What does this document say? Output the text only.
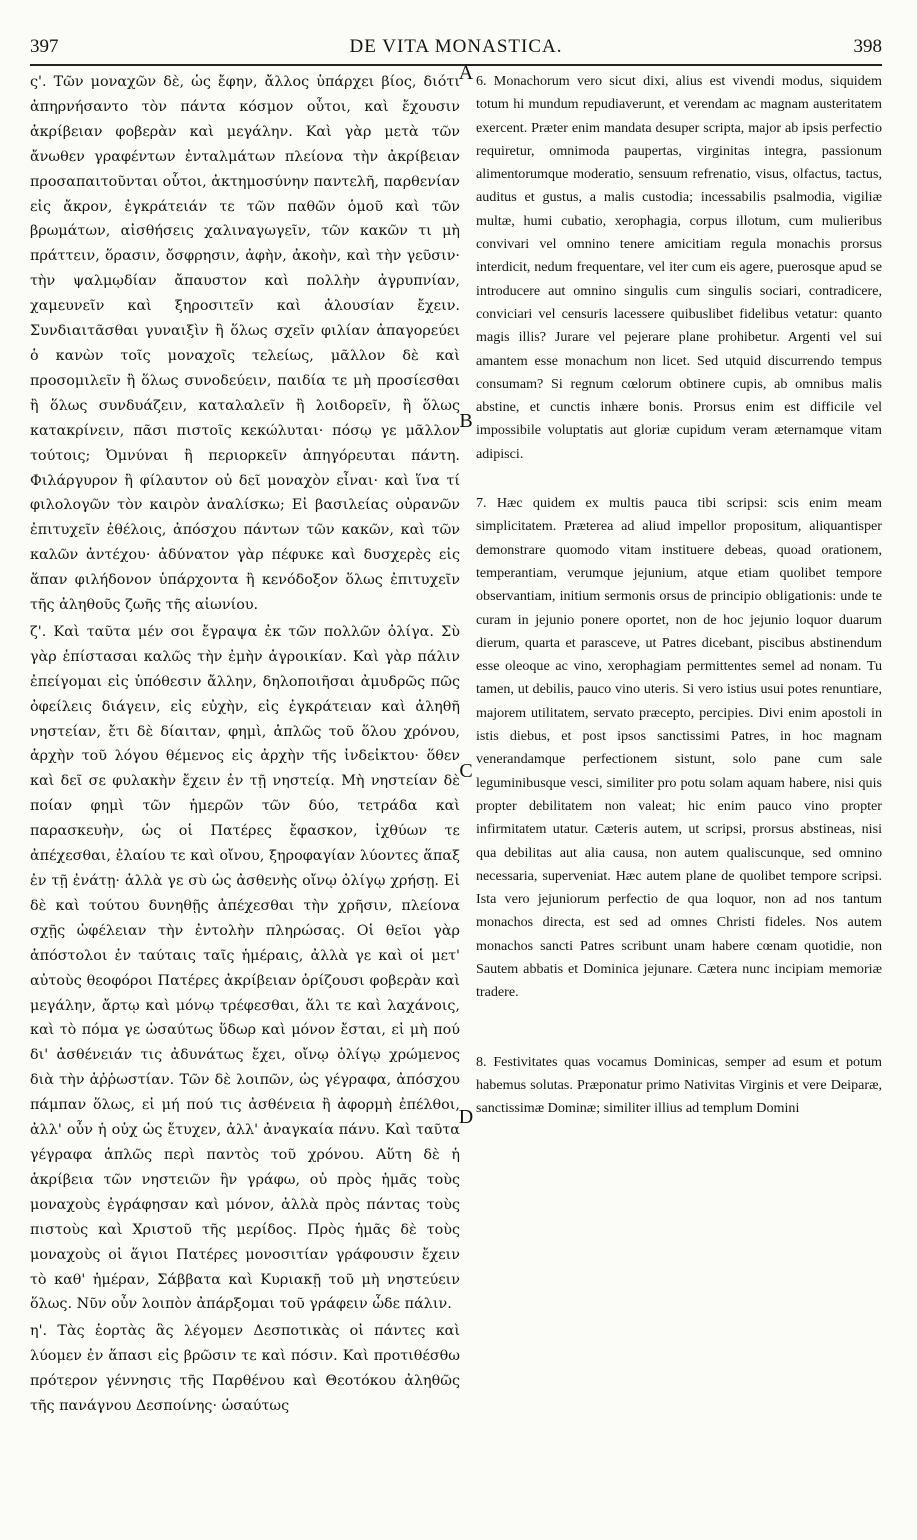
397	DE VITA MONASTICA.	398

ς'. Τῶν μοναχῶν δὲ, ὡς ἔφην, ἄλλος ὑπάρχει βίος, διότι ἀπηρνήσαντο τὸν πάντα κόσμον οὗτοι, καὶ ἔχουσιν ἀκρίβειαν φοβερὰν καὶ μεγάλην. Καὶ γὰρ μετὰ τῶν ἄνωθεν γραφέντων ἐνταλμάτων πλείονα τὴν ἀκρίβειαν προσαπαιτοῦνται οὗτοι, ἀκτημοσύνην παντελῆ, παρθενίαν εἰς ἄκρον, ἐγκράτειάν τε τῶν παθῶν ὁμοῦ καὶ τῶν βρωμάτων, αἰσθήσεις χαλιναγωγεῖν, τῶν κακῶν τι μὴ πράττειν, ὅρασιν, ὄσφρησιν, ἀφὴν, ἀκοὴν, καὶ τὴν γεῦσιν· τὴν ψαλμῳδίαν ἄπαυστον καὶ πολλὴν ἀγρυπνίαν, χαμευνεῖν καὶ ξηροσιτεῖν καὶ ἀλουσίαν ἔχειν. Συνδιαιτᾶσθαι γυναιξὶν ἢ ὅλως σχεῖν φιλίαν ἀπαγορεύει ὁ κανὼν τοῖς μοναχοῖς τελείως, μᾶλλον δὲ καὶ προσομιλεῖν ἢ ὅλως συνοδεύειν, παιδία τε μὴ προσίεσθαι ἢ ὅλως συνδυάζειν, καταλαλεῖν ἢ λοιδορεῖν, ἢ ὅλως κατακρίνειν, πᾶσι πιστοῖς κεκώλυται· πόσῳ γε μᾶλλον τούτοις; Ὀμνύναι ἢ περιορκεῖν ἀπηγόρευται πάντη. Φιλάργυρον ἢ φίλαυτον οὐ δεῖ μοναχὸν εἶναι· καὶ ἵνα τί φιλολογῶν τὸν καιρὸν ἀναλίσκω; Εἰ βασιλείας οὐρανῶν ἐπιτυχεῖν ἐθέλοις, ἀπόσχου πάντων τῶν κακῶν, καὶ τῶν καλῶν ἀντέχου· ἀδύνατον γὰρ πέφυκε καὶ δυσχερὲς εἰς ἅπαν φιλήδονον ὑπάρχοντα ἢ κενόδοξον ὅλως ἐπιτυχεῖν τῆς ἀληθοῦς ζωῆς τῆς αἰωνίου.

ζ'. Καὶ ταῦτα μέν σοι ἔγραψα ἐκ τῶν πολλῶν ὀλίγα. Σὺ γὰρ ἐπίστασαι καλῶς τὴν ἐμὴν ἀγροικίαν. Καὶ γὰρ πάλιν ἐπείγομαι εἰς ὑπόθεσιν ἄλλην, δηλοποιῆσαι ἀμυδρῶς πῶς ὀφείλεις διάγειν, εἰς εὐχὴν, εἰς ἐγκράτειαν καὶ ἀληθῆ νηστείαν, ἔτι δὲ δίαιταν, φημὶ, ἁπλῶς τοῦ ὅλου χρόνου, ἀρχὴν τοῦ λόγου θέμενος εἰς ἀρχὴν τῆς ἰνδεἰκτου· ὅθεν καὶ δεῖ σε φυλακὴν ἔχειν ἐν τῇ νηστείᾳ. Μὴ νηστείαν δὲ ποίαν φημὶ τῶν ἡμερῶν τῶν δύο, τετράδα καὶ παρασκευὴν, ὡς οἱ Πατέρες ἔφασκον, ἰχθύων τε ἀπέχεσθαι, ἐλαίου τε καὶ οἴνου, ξηροφαγίαν λύοντες ἅπαξ ἐν τῇ ἐνάτῃ· ἀλλὰ γε σὺ ὡς ἀσθενὴς οἴνῳ ὀλίγῳ χρήσῃ. Εἰ δὲ καὶ τούτου δυνηθῇς ἀπέχεσθαι τὴν χρῆσιν, πλείονα σχῇς ὠφέλειαν τὴν ἐντολὴν πληρώσας. Οἱ θεῖοι γὰρ ἀπόστολοι ἐν ταύταις ταῖς ἡμέραις, ἀλλὰ γε καὶ οἱ μετ' αὐτοὺς θεοφόροι Πατέρες ἀκρίβειαν ὁρίζουσι φοβερὰν καὶ μεγάλην, ἄρτῳ καὶ μόνῳ τρέφεσθαι, ἅλι τε καὶ λαχάνοις, καὶ τὸ πόμα γε ὡσαύτως ὕδωρ καὶ μόνον ἔσται, εἰ μὴ πού δι' ἀσθένειάν τις ἀδυνάτως ἔχει, οἴνῳ ὀλίγῳ χρώμενος διὰ τὴν ἀῤῥωστίαν. Τῶν δὲ λοιπῶν, ὡς γέγραφα, ἀπόσχου πάμπαν ὅλως, εἰ μή πού τις ἀσθένεια ἢ ἀφορμὴ ἐπέλθοι, ἀλλ' οὖν ἡ οὐχ ὡς ἔτυχεν, ἀλλ' ἀναγκαία πάνυ. Καὶ ταῦτα γέγραφα ἁπλῶς περὶ παντὸς τοῦ χρόνου. Αὕτη δὲ ἡ ἀκρίβεια τῶν νηστειῶν ἣν γράφω, οὐ πρὸς ἡμᾶς τοὺς μοναχοὺς ἐγράφησαν καὶ μόνον, ἀλλὰ πρὸς πάντας τοὺς πιστοὺς καὶ Χριστοῦ τῆς μερίδος. Πρὸς ἡμᾶς δὲ τοὺς μοναχοὺς οἱ ἅγιοι Πατέρες μονοσιτίαν γράφουσιν ἔχειν τὸ καθ' ἡμέραν, Σάββατα καὶ Κυριακῇ τοῦ μὴ νηστεύειν ὅλως. Νῦν οὖν λοιπὸν ἀπάρξομαι τοῦ γράφειν ὧδε πάλιν.

η'. Τὰς ἑορτὰς ἃς λέγομεν Δεσποτικὰς οἱ πάντες καὶ λύομεν ἐν ἅπασι εἰς βρῶσιν τε καὶ πόσιν. Καὶ προτιθέσθω πρότερον γέννησις τῆς Παρθένου καὶ Θεοτόκου ἀληθῶς τῆς πανάγνου Δεσποίνης· ὡσαύτως

A
B
C
D

6. Monachorum vero sicut dixi, alius est vivendi modus, siquidem totum hi mundum repudiaverunt, et verendam ac magnam austeritatem exercent. Præter enim mandata desuper scripta, major ab ipsis perfectio requiretur, omnimoda paupertas, virginitas integra, passionum alimentorumque moderatio, sensuum refrenatio, visus, olfactus, tactus, auditus et gustus, a malis custodia; incessabilis psalmodia, vigiliæ multæ, humi cubatio, xerophagia, corpus illotum, cum mulieribus convivari vel omnino tenere amicitiam regula monachis prorsus interdicit, nedum frequentare, vel iter cum eis agere, puerosque apud se introducere aut omnino singulis cum singulis sociari, contradicere, conviciari vel censuris lacessere quibuslibet fidelibus vetatur: quanto magis illis? Jurare vel pejerare plane prohibetur. Argenti vel sui amantem esse monachum non licet. Sed utquid discurrendo tempus consumam? Si regnum cœlorum obtinere cupis, ab omnibus malis abstine, et cunctis inhære bonis. Prorsus enim est difficile vel impossibile voluptatis aut gloriæ cupidum veram æternamque vitam adipisci.

7. Hæc quidem ex multis pauca tibi scripsi: scis enim meam simplicitatem. Præterea ad aliud impellor propositum, aliquantisper demonstrare quomodo vitam instituere debeas, quoad orationem, temperantiam, verumque jejunium, atque etiam quolibet tempore observantiam, initium sermonis orsus de principio obligationis: unde te curam in jejunio ponere oportet, non de hoc jejunio loquor duarum dierum, quarta et parasceve, ut Patres dicebant, piscibus abstinendum esse oleoque ac vino, xerophagiam permittentes semel ad nonam. Tu tamen, ut debilis, pauco vino uteris. Si vero istius usui potes renuntiare, majorem utilitatem, servato præcepto, percipies. Divi enim apostoli in istis diebus, et post ipsos sanctissimi Patres, in hoc magnam venerandamque perfectionem sistunt, solo pane cum sale leguminibusque vesci, similiter pro potu solam aquam habere, nisi quis propter debilitatem non valeat; hic enim pauco vino propter infirmitatem utatur. Cæteris autem, ut scripsi, prorsus abstineas, nisi qua debilitas aut alia causa, non autem qualiscunque, sed omnino necessaria, superveniat. Hæc autem plane de quolibet tempore scripsi. Ista vero jejuniorum perfectio de qua loquor, non ad nos tantum monachos directa, est sed ad omnes Christi fideles. Nos autem monachos sancti Patres scribunt unam habere cœnam quotidie, non Sautem abbatis et Dominica jejunare. Cætera nunc incipiam memoriæ tradere.

8. Festivitates quas vocamus Dominicas, semper ad esum et potum habemus solutas. Præponatur primo Nativitas Virginis et vere Deiparæ, sanctissimæ Dominæ; similiter illius ad templum Domini
